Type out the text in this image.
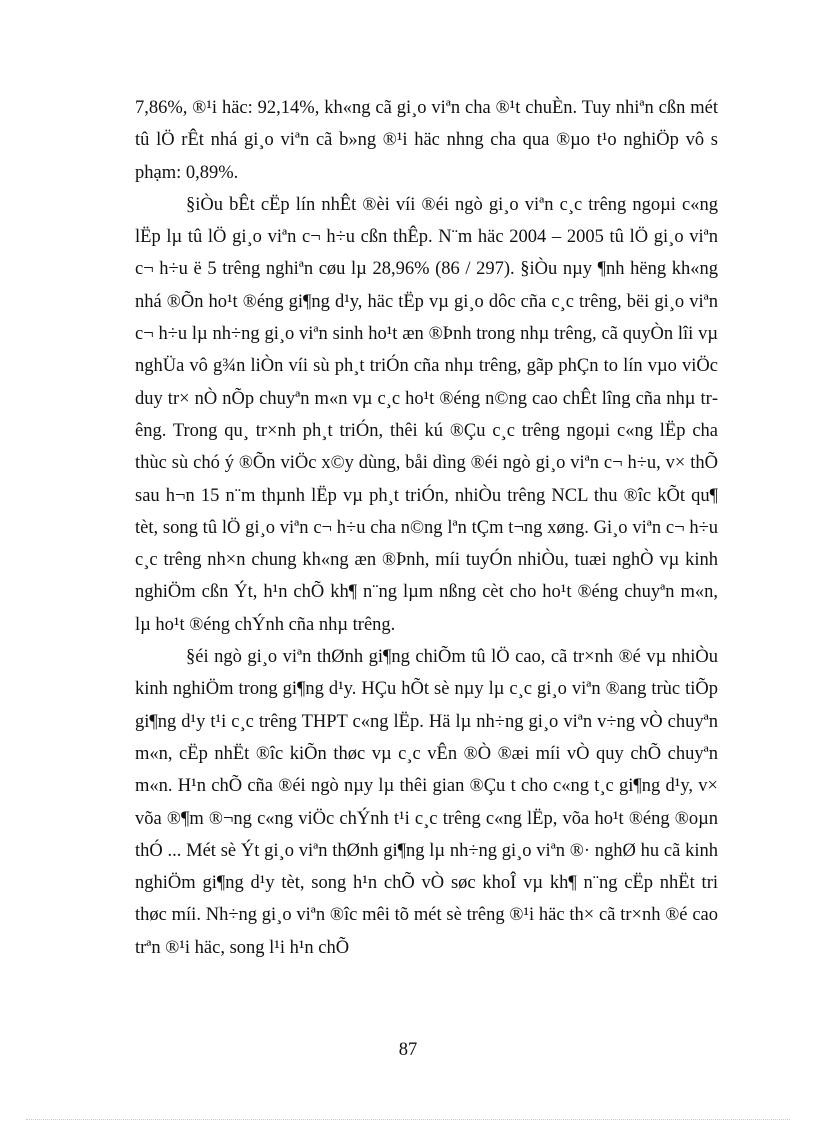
7,86%, ®¹i häc: 92,14%, kh«ng cã gi¸o viªn cha ®¹t chuÈn. Tuy nhiªn cßn mét tû lÖ rÊt nhá gi¸o viªn cã b»ng ®¹i häc nhng cha qua ®µo t¹o nghiÖp vô s phạm: 0,89%.

§iÒu bÊt cËp lín nhÊt ®èi víi ®éi ngò gi¸o viªn c¸c trêng ngoµi c«ng lËp lµ tû lÖ gi¸o viªn c¬ h÷u cßn thÊp. N¨m häc 2004 – 2005 tû lÖ gi¸o viªn c¬ h÷u ë 5 trêng nghiªn cøu lµ 28,96% (86 / 297). §iÒu nµy ¶nh hëng kh«ng nhá ®Õn ho¹t ®éng gi¶ng d¹y, häc tËp vµ gi¸o dôc cña c¸c trêng, bëi gi¸o viªn c¬ h÷u lµ nh÷ng gi¸o viªn sinh ho¹t æn ®Þnh trong nhµ trêng, cã quyÒn lîi vµ nghÜa vô g¾n liÒn víi sù ph¸t triÓn cña nhµ trêng, gãp phÇn to lín vµo viÖc duy tr× nÒ nÕp chuyªn m«n vµ c¸c ho¹t ®éng n©ng cao chÊt lîng cña nhµ trêng. Trong qu¸ tr×nh ph¸t triÓn, thêi kú ®Çu c¸c trêng ngoµi c«ng lËp cha thùc sù chó ý ®Õn viÖc x©y dùng, båi dìng ®éi ngò gi¸o viªn c¬ h÷u, v× thÕ sau h¬n 15 n¨m thµnh lËp vµ ph¸t triÓn, nhiÒu trêng NCL thu ®îc kÕt qu¶ tèt, song tû lÖ gi¸o viªn c¬ h÷u cha n©ng lªn tÇm t¬ng xøng. Gi¸o viªn c¬ h÷u c¸c trêng nh×n chung kh«ng æn ®Þnh, míi tuyÓn nhiÒu, tuæi nghÒ vµ kinh nghiÖm cßn Ýt, h¹n chÕ kh¶ n¨ng lµm nßng cèt cho ho¹t ®éng chuyªn m«n, lµ ho¹t ®éng chÝnh cña nhµ trêng.

§éi ngò gi¸o viªn thØnh gi¶ng chiÕm tû lÖ cao, cã tr×nh ®é vµ nhiÒu kinh nghiÖm trong gi¶ng d¹y. HÇu hÕt sè nµy lµ c¸c gi¸o viªn ®ang trùc tiÕp gi¶ng d¹y t¹i c¸c trêng THPT c«ng lËp. Hä lµ nh÷ng gi¸o viªn v÷ng vÒ chuyªn m«n, cËp nhËt ®îc kiÕn thøc vµ c¸c vÊn ®Ò ®æi míi vÒ quy chÕ chuyªn m«n. H¹n chÕ cña ®éi ngò nµy lµ thêi gian ®Çu t cho c«ng t¸c gi¶ng d¹y, v× võa ®¶m ®¬ng c«ng viÖc chÝnh t¹i c¸c trêng c«ng lËp, võa ho¹t ®éng ®oµn thÓ ... Mét sè Ýt gi¸o viªn thØnh gi¶ng lµ nh÷ng gi¸o viªn ®· nghØ hu cã kinh nghiÖm gi¶ng d¹y tèt, song h¹n chÕ vÒ søc khoÎ vµ kh¶ n¨ng cËp nhËt tri thøc míi. Nh÷ng gi¸o viªn ®îc mêi tõ mét sè trêng ®¹i häc th× cã tr×nh ®é cao trªn ®¹i häc, song l¹i h¹n chÕ

87
